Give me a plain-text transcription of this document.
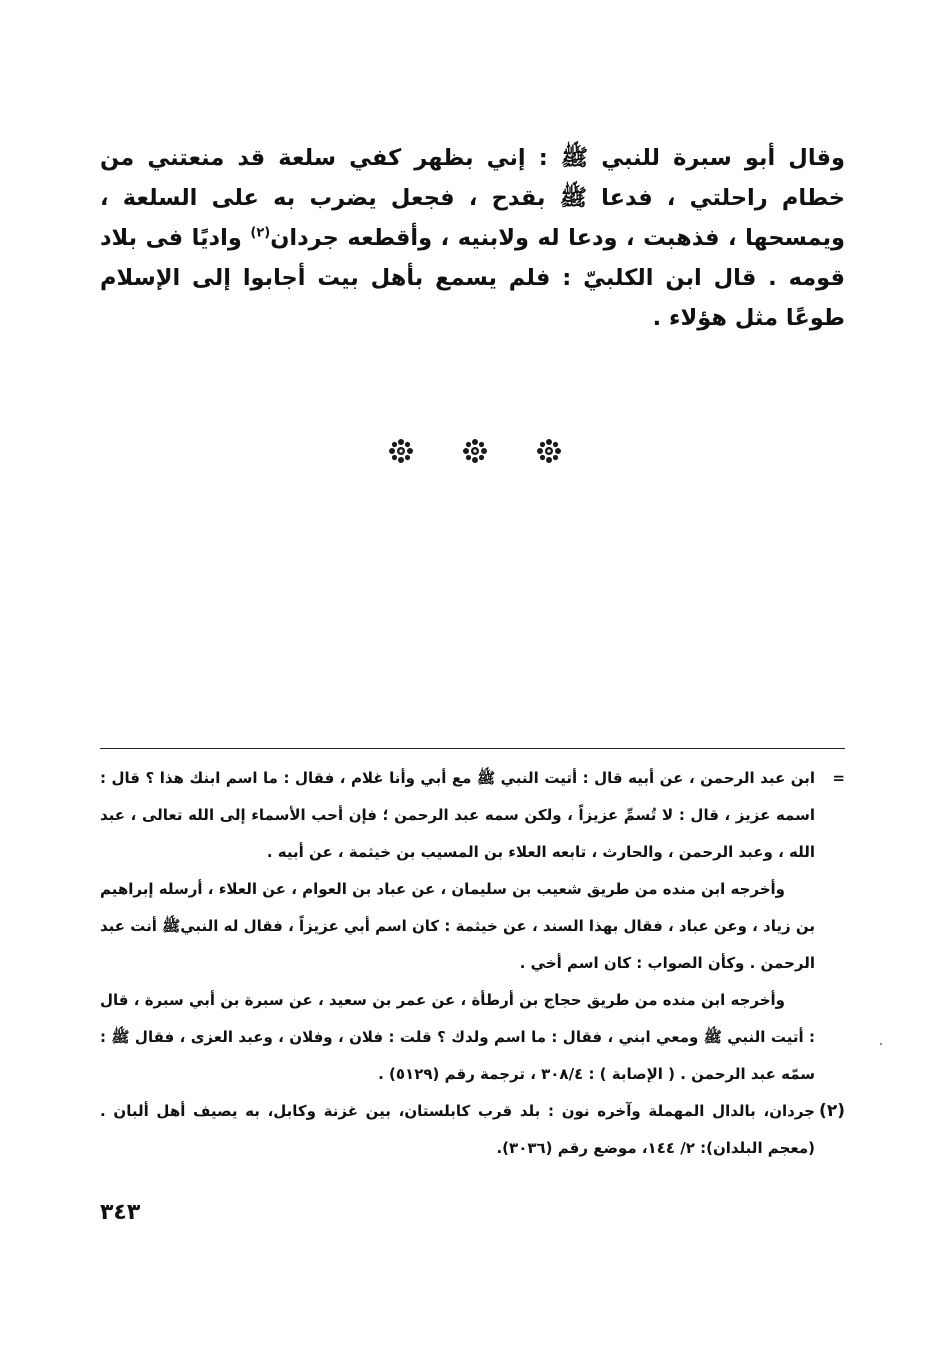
وقال أبو سبرة للنبي ﷺ : إني بظهر كفي سلعة قد منعتني من خطام راحلتي ، فدعا ﷺ بقدح ، فجعل يضرب به على السلعة ، ويمسحها ، فذهبت ، ودعا له ولابنيه ، وأقطعه جردان$^{(٢)}$ واديًا فى بلاد قومه . قال ابن الكلبيّ : فلم يسمع بأهل بيت أجابوا إلى الإسلام طوعًا مثل هؤلاء .

=
ابن عبد الرحمن ، عن أبيه قال : أتيت النبي ﷺ مع أبي وأنا غلام ، فقال : ما اسم ابنك هذا ؟ قال : اسمه عزيز ، قال : لا تُسمِّ عزيزاً ، ولكن سمه عبد الرحمن ؛ فإن أحب الأسماء إلى الله تعالى ، عبد الله ، وعبد الرحمن ، والحارث ، تابعه العلاء بن المسيب بن خيثمة ، عن أبيه .

وأخرجه ابن منده من طريق شعيب بن سليمان ، عن عباد بن العوام ، عن العلاء ، أرسله إبراهيم بن زياد ، وعن عباد ، فقال بهذا السند ، عن خيثمة : كان اسم أبي عزيزاً ، فقال له النبيﷺ أنت عبد الرحمن . وكأن الصواب : كان اسم أخي .

وأخرجه ابن منده من طريق حجاج بن أرطأة ، عن عمر بن سعيد ، عن سبرة بن أبي سبرة ، قال : أتيت النبي ﷺ ومعي ابني ، فقال : ما اسم ولدك ؟ قلت : فلان ، وفلان ، وعبد العزى ، فقال ﷺ : سمّه عبد الرحمن . ( الإصابة ) : ٣٠٨/٤ ، ترجمة رقم (٥١٢٩) .

(٢)
جردان، بالدال المهملة وآخره نون : بلد قرب كابلستان، بين غزنة وكابل، به يصيف أهل ألبان . (معجم البلدان): ٢/ ١٤٤، موضع رقم (٣٠٣٦).

٣٤٣
